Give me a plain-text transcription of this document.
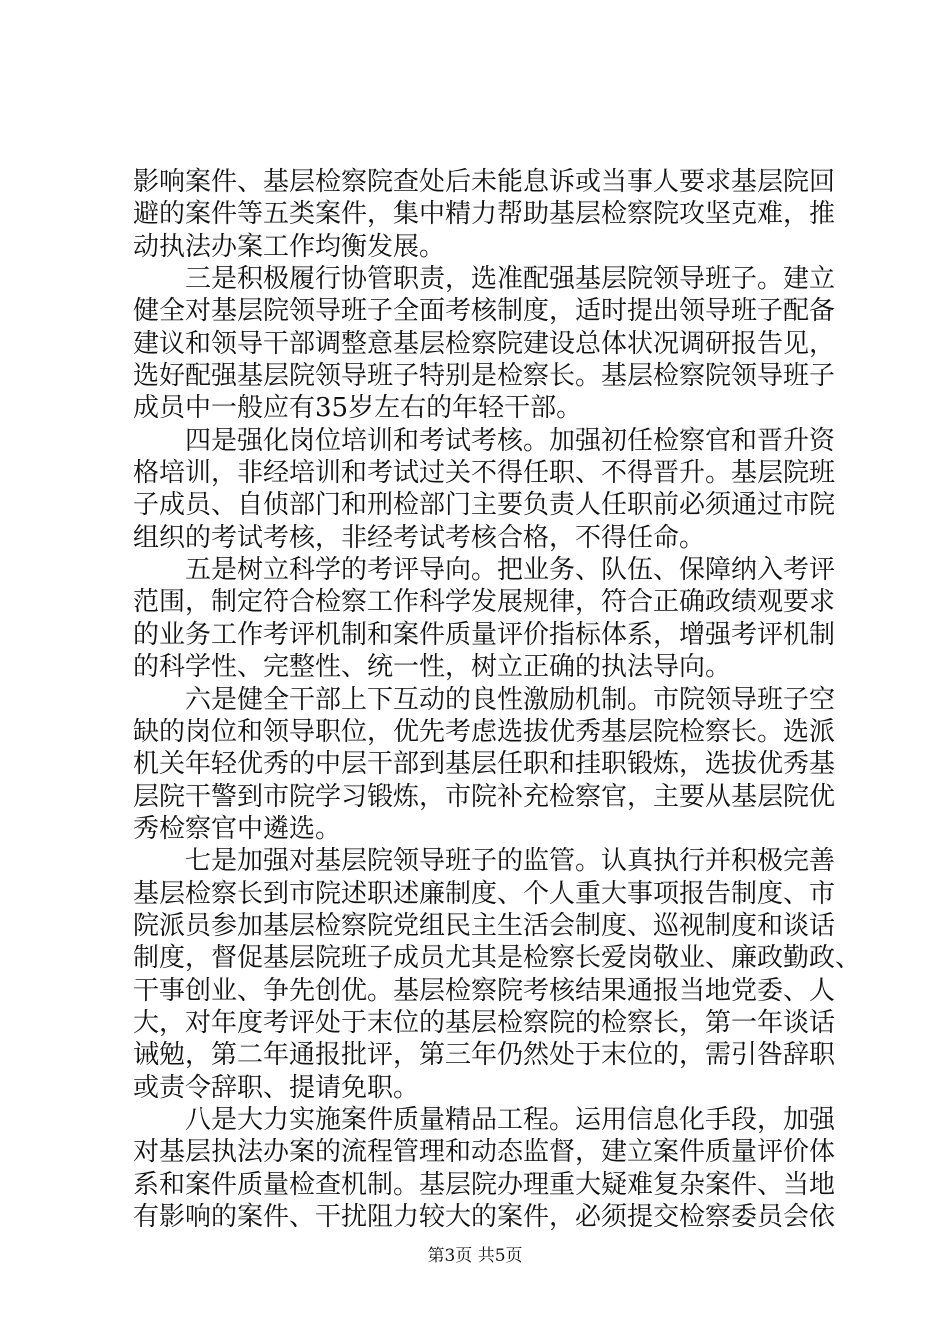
影响案件、基层检察院查处后未能息诉或当事人要求基层院回
避的案件等五类案件，集中精力帮助基层检察院攻坚克难，推
动执法办案工作均衡发展。
三是积极履行协管职责，选准配强基层院领导班子。建立
健全对基层院领导班子全面考核制度，适时提出领导班子配备
建议和领导干部调整意基层检察院建设总体状况调研报告见，
选好配强基层院领导班子特别是检察长。基层检察院领导班子
成员中一般应有35岁左右的年轻干部。
四是强化岗位培训和考试考核。加强初任检察官和晋升资
格培训，非经培训和考试过关不得任职、不得晋升。基层院班
子成员、自侦部门和刑检部门主要负责人任职前必须通过市院
组织的考试考核，非经考试考核合格，不得任命。
五是树立科学的考评导向。把业务、队伍、保障纳入考评
范围，制定符合检察工作科学发展规律，符合正确政绩观要求
的业务工作考评机制和案件质量评价指标体系，增强考评机制
的科学性、完整性、统一性，树立正确的执法导向。
六是健全干部上下互动的良性激励机制。市院领导班子空
缺的岗位和领导职位，优先考虑选拔优秀基层院检察长。选派
机关年轻优秀的中层干部到基层任职和挂职锻炼，选拔优秀基
层院干警到市院学习锻炼，市院补充检察官，主要从基层院优
秀检察官中遴选。
七是加强对基层院领导班子的监管。认真执行并积极完善
基层检察长到市院述职述廉制度、个人重大事项报告制度、市
院派员参加基层检察院党组民主生活会制度、巡视制度和谈话
制度，督促基层院班子成员尤其是检察长爱岗敬业、廉政勤政、
干事创业、争先创优。基层检察院考核结果通报当地党委、人
大，对年度考评处于末位的基层检察院的检察长，第一年谈话
诫勉，第二年通报批评，第三年仍然处于末位的，需引咎辞职
或责令辞职、提请免职。
八是大力实施案件质量精品工程。运用信息化手段，加强
对基层执法办案的流程管理和动态监督，建立案件质量评价体
系和案件质量检查机制。基层院办理重大疑难复杂案件、当地
有影响的案件、干扰阻力较大的案件，必须提交检察委员会依
第3页 共5页
